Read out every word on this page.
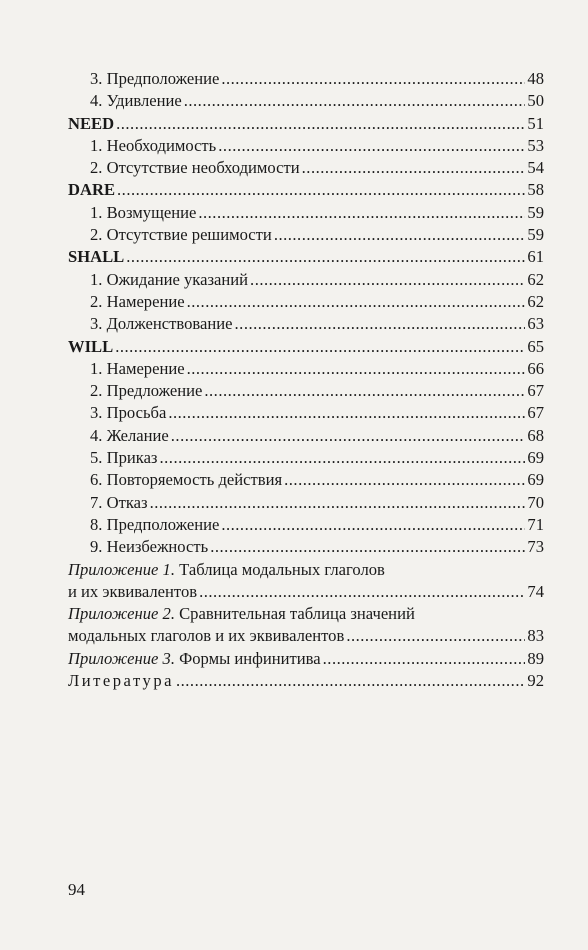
3. Предположение .....	48
4. Удивление .....	50
NEED .....	51
1. Необходимость .....	53
2. Отсутствие необходимости .....	54
DARE .....	58
1. Возмущение .....	59
2. Отсутствие решимости .....	59
SHALL .....	61
1. Ожидание указаний .....	62
2. Намерение .....	62
3. Долженствование .....	63
WILL .....	65
1. Намерение .....	66
2. Предложение .....	67
3. Просьба .....	67
4. Желание .....	68
5. Приказ .....	69
6. Повторяемость действия .....	69
7. Отказ .....	70
8. Предположение .....	71
9. Неизбежность .....	73
Приложение 1. Таблица модальных глаголов
и их эквивалентов .....	74
Приложение 2. Сравнительная таблица значений
модальных глаголов и их эквивалентов .....	83
Приложение 3. Формы инфинитива .....	89
Литература .....	92
94
